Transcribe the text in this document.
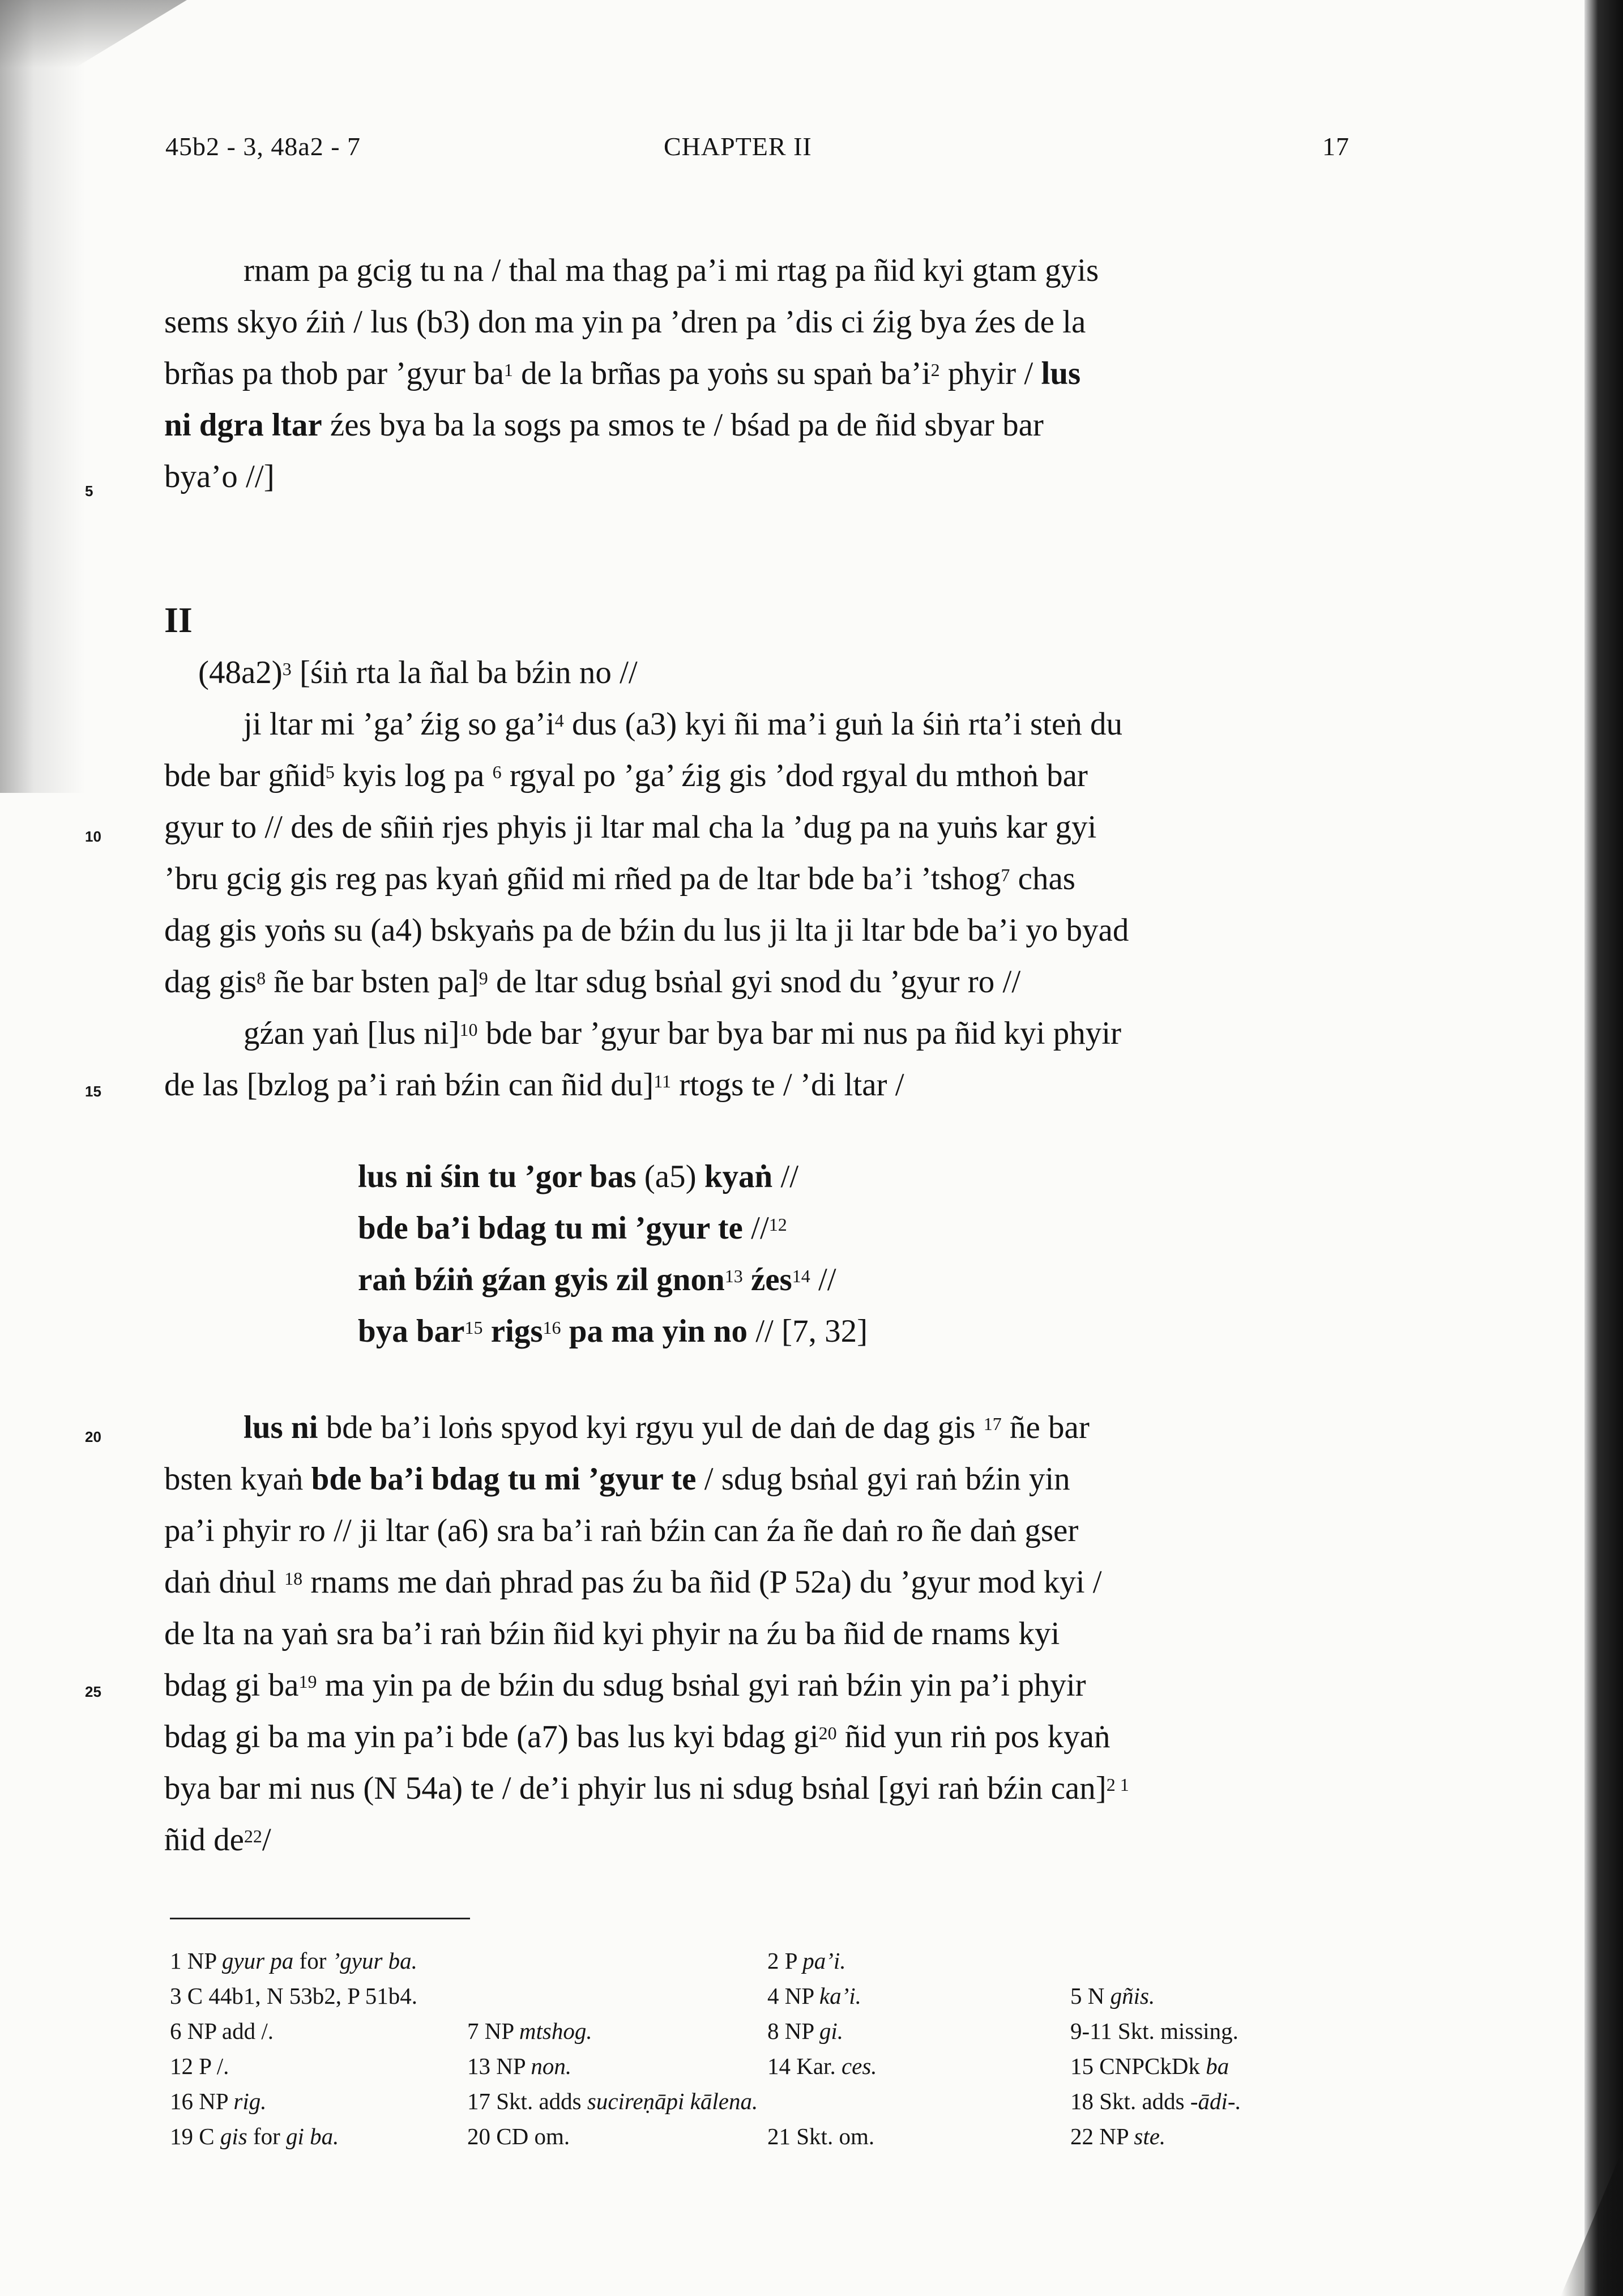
45b2 - 3, 48a2 - 7	CHAPTER II	17
rnam pa gcig tu na / thal ma thag pa’i mi rtag pa ñid kyi gtam gyis
sems skyo źiṅ / lus (b3) don ma yin pa ’dren pa ’dis ci źig bya źes de la
brñas pa thob par ’gyur $ba^1$ de la brñas pa yoṅs su spaṅ $ba’i^2$ phyir / lus
ni dgra ltar źes bya ba la sogs pa smos te / bśad pa de ñid sbyar bar
bya’o //]
5
10
15
20
25
II
$(48a2)^3$ [śiṅ rta la ñal ba bźin no //
ji ltar mi ’ga’ źig so $ga’i^4$ dus (a3) kyi ñi ma’i guṅ la śiṅ rta’i steṅ du
bde bar gñid$^5$ kyis log pa $^6$ rgyal po ’ga’ źig gis ’dod rgyal du mthoṅ bar
gyur to // des de sñiṅ rjes phyis ji ltar mal cha la ’dug pa na yuṅs kar gyi
’bru gcig gis reg pas kyaṅ gñid mi rñed pa de ltar bde ba’i ’tshog$^7$ chas
dag gis yoṅs su (a4) bskyaṅs pa de bźin du lus ji lta ji ltar bde ba’i yo byad
dag gis$^8$ ñe bar bsten pa]$^9$ de ltar sdug bsṅal gyi snod du ’gyur ro //
gźan yaṅ [lus ni]$^{10}$ bde bar ’gyur bar bya bar mi nus pa ñid kyi phyir
de las [bzlog pa’i raṅ bźin can ñid du]$^{11}$ rtogs te / ’di ltar /
lus ni śin tu ’gor bas (a5) kyaṅ //
bde ba’i bdag tu mi ’gyur te //$^{12}$
raṅ bźiṅ gźan gyis zil gnon$^{13}$ źes$^{14}$ //
bya bar$^{15}$ rigs$^{16}$ pa ma yin no // [7, 32]
lus ni bde ba’i loṅs spyod kyi rgyu yul de daṅ de dag gis $^{17}$ ñe bar
bsten kyaṅ bde ba’i bdag tu mi ’gyur te / sdug bsṅal gyi raṅ bźin yin
pa’i phyir ro // ji ltar (a6) sra ba’i raṅ bźin can źa ñe daṅ ro ñe daṅ gser
daṅ dṅul $^{18}$ rnams me daṅ phrad pas źu ba ñid (P 52a) du ’gyur mod kyi /
de lta na yaṅ sra ba’i raṅ bźin ñid kyi phyir na źu ba ñid de rnams kyi
bdag gi $ba^{19}$ ma yin pa de bźin du sdug bsṅal gyi raṅ bźin yin pa’i phyir
bdag gi ba ma yin pa’i bde (a7) bas lus kyi bdag $gi^{20}$ ñid yun riṅ pos kyaṅ
bya bar mi nus (N 54a) te / de’i phyir lus ni sdug bsṅal [gyi raṅ bźin can]$^{2 1}$
ñid $de^{22}/$
1 NP gyur pa for ’gyur ba.	2 P pa’i.
3 C 44b1, N 53b2, P 51b4.	4 NP ka’i.	5 N gñis.
6 NP add /.	7 NP mtshog.	8 NP gi.	9-11 Skt. missing.
12 P /.	13 NP non.	14 Kar. ces.	15 CNPCkDk ba
16 NP rig.	17 Skt. adds sucireṇāpi kālena.	18 Skt. adds -ādi-.
19 C gis for gi ba.	20 CD om.	21 Skt. om.	22 NP ste.
